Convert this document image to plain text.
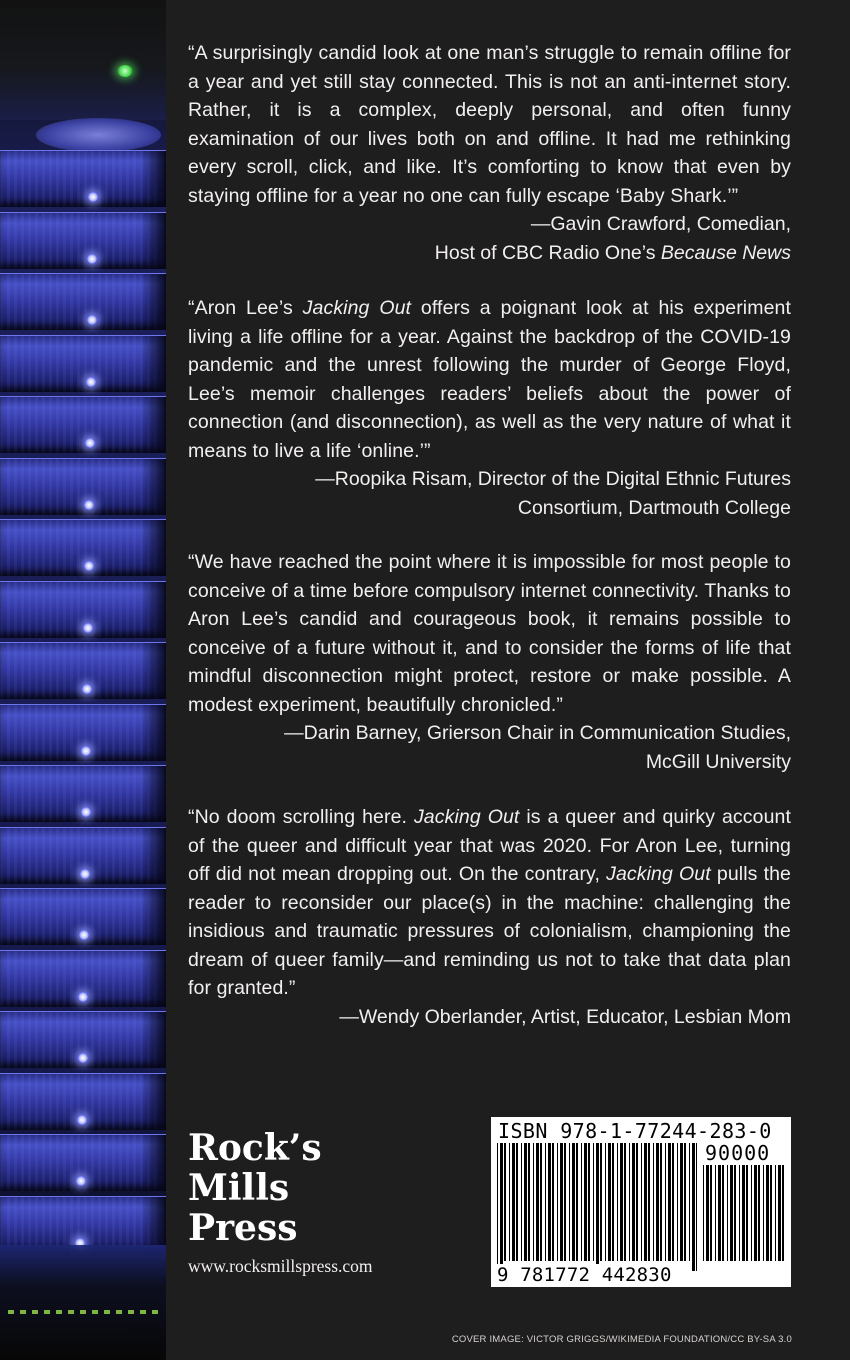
“A surprisingly candid look at one man’s struggle to remain offline for a year and yet still stay connected. This is not an anti-internet story. Rather, it is a complex, deeply personal, and often funny examination of our lives both on and offline. It had me rethinking every scroll, click, and like. It’s comforting to know that even by staying offline for a year no one can fully escape ‘Baby Shark.’”
—Gavin Crawford, Comedian,
Host of CBC Radio One’s Because News
“Aron Lee’s Jacking Out offers a poignant look at his experiment living a life offline for a year. Against the backdrop of the COVID-19 pandemic and the unrest following the murder of George Floyd, Lee’s memoir challenges readers’ beliefs about the power of connection (and disconnection), as well as the very nature of what it means to live a life ‘online.’”
—Roopika Risam, Director of the Digital Ethnic Futures
Consortium, Dartmouth College
“We have reached the point where it is impossible for most people to conceive of a time before compulsory internet connectivity. Thanks to Aron Lee’s candid and courageous book, it remains possible to conceive of a future without it, and to consider the forms of life that mindful disconnection might protect, restore or make possible. A modest experiment, beautifully chronicled.”
—Darin Barney, Grierson Chair in Communication Studies,
McGill University
“No doom scrolling here. Jacking Out is a queer and quirky account of the queer and difficult year that was 2020. For Aron Lee, turning off did not mean dropping out. On the contrary, Jacking Out pulls the reader to reconsider our place(s) in the machine: challenging the insidious and traumatic pressures of colonialism, championing the dream of queer family—and reminding us not to take that data plan for granted.”
—Wendy Oberlander, Artist, Educator, Lesbian Mom
Rock’s
Mills
Press
www.rocksmillspress.com
ISBN 978-1-77244-283-0
90000
9 781772 442830
COVER IMAGE: VICTOR GRIGGS/WIKIMEDIA FOUNDATION/CC BY-SA 3.0
